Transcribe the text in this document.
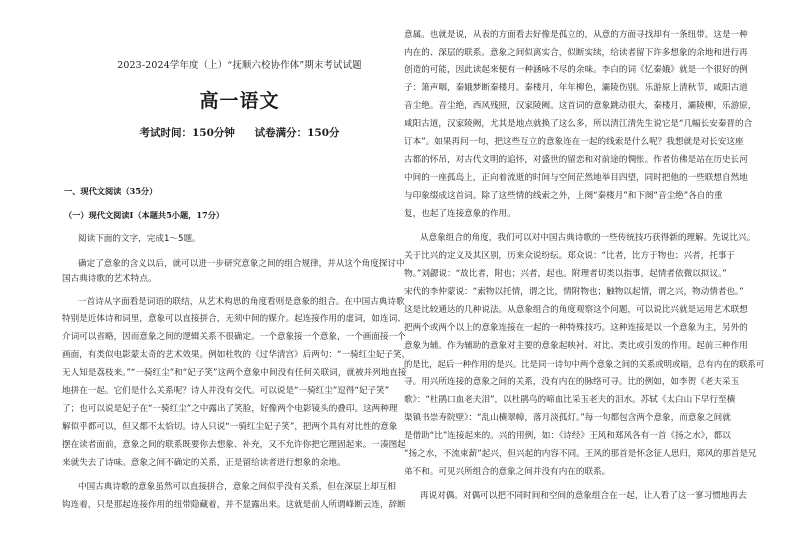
2023-2024学年度（上）“抚顺六校协作体”期末考试试题
高一语文
考试时间：150分钟 试卷满分：150分
一、现代文阅读（35分）
（一）现代文阅读Ⅰ（本题共5小题，17分）
阅读下面的文字，完成1～5题。
确定了意象的含义以后，就可以进一步研究意象之间的组合规律，并从这个角度探讨中
国古典诗歌的艺术特点。
一首诗从字面看是词语的联结，从艺术构思的角度看则是意象的组合。在中国古典诗歌
特别是近体诗和词里，意象可以直接拼合，无须中间的媒介。起连接作用的虚词，如连词、
介词可以省略，因而意象之间的逻辑关系不很确定。一个意象接一个意象，一个画面接一个
画面，有类似电影蒙太奇的艺术效果。例如杜牧的《过华清宫》后两句：“一骑红尘妃子笑，
无人知是荔枝来。”“一骑红尘”和“妃子笑”这两个意象中间没有任何关联词，就被并列地直接
地拼在一起。它们是什么关系呢？诗人并没有交代。可以说是“一骑红尘”逗得“妃子笑”
了；也可以说是妃子在“一骑红尘”之中露出了笑脸，好像两个电影镜头的叠印。这两种理
解似乎都可以，但又都不太恰切。诗人只说“一骑红尘妃子笑”，把两个具有对比性的意象
摆在读者面前，意象之间的联系既要你去想象、补充，又不允许你把它理固起来。一凑图起
来就失去了诗味。意象之间不确定的关系，正是留给读者进行想象的余地。
中国古典诗歌的意象虽然可以直接拼合，意象之间似乎没有关系，但在深层上却互相
钩连着，只是那起连接作用的纽带隐藏着，并不显露出来。这就是前人所谓峰断云连，辞断
意属。也就是说，从表的方面看去好像是孤立的，从意的方面寻找却有一条纽带。这是一种
内在的、深层的联系。意象之间似离实合，似断实续，给读者留下许多想象的余地和进行再
创造的可能，因此读起来便有一种涵咏不尽的余味。李白的词《忆秦娥》就是一个很好的例
子：箫声咽，秦娥梦断秦楼月。秦楼月，年年柳色，灞陵伤别。乐游原上清秋节，咸阳古道
音尘绝。音尘绝，西风残照，汉家陵阙。这首词的意象跳动很大，秦楼月，灞陵柳，乐游原，
咸阳古道，汉家陵阙，尤其是地点就换了这么多，所以清江清先生说它是“几幅长安秦晋的合
订本”。如果再问一句，把这些互立的意象连在一起的线索是什么呢？我想就是对长安这座
古都的怀吊，对古代文明的追怀，对盛世的留恋和对前途的惆怅。作者仿佛是站在历史长河
中间的一座孤岛上，正向着流逝的时间与空间茫然地举目四望，同时把他的一些联想自然地
与印象缀成这首词。除了这些情的线索之外，上阕“秦楼月”和下阕“音尘绝”各自的重
复，也起了连接意象的作用。
从意象组合的角度，我们可以对中国古典诗歌的一些传统技巧获得新的理解。先说比兴。
关于比兴的定义及其区别，历来众说纷纭。郑众说：“比者，比方于物也；兴者，托事于
物。”刘勰说：“故比者，附也；兴者，起也。附理者切类以指事，起情者依微以拟议。”
宋代的李仲蒙说：“索物以托情，谓之比，情附物也；触物以起情，谓之兴，物动情者也。”
这是比较通达的几种说法。从意象组合的角度观察这个问题，可以说比兴就是运用艺术联想
把两个或两个以上的意象连接在一起的一种特殊技巧。这种连接是以一个意象为主，另外的
意象为辅。作为辅助的意象对主要的意象起映衬、对比、类比或引发的作用。起前三种作用
的是比，起后一种作用的是兴。比是同一诗句中两个意象之间的关系或明或暗，总有内在的联系可
寻。用兴所连接的意象之间的关系，没有内在的脉络可寻。比的例如，如李贺《老夫采玉
歌》：“杜鹃口血老夫泪”，以杜鹃鸟的啼血比采玉老夫的泪水。苏轼《太白山下早行至横
渠镇书崇寿院壁》：“乱山横翠幛，落月淡孤灯。”每一句都包含两个意象，而意象之间就
是借助“比”连接起来的。兴的用例，如：《诗经》王风和郑风各有一首《扬之水》，都以
“扬之水，不流束薪”起兴，但兴起的内容不同。王风的那首是怀念征人思归，郑风的那首是兄
弟不和。可见兴所组合的意象之间并没有内在的联系。
再说对偶。对偶可以把不同时间和空间的意象组合在一起，让人看了这一寥习惯地再去
